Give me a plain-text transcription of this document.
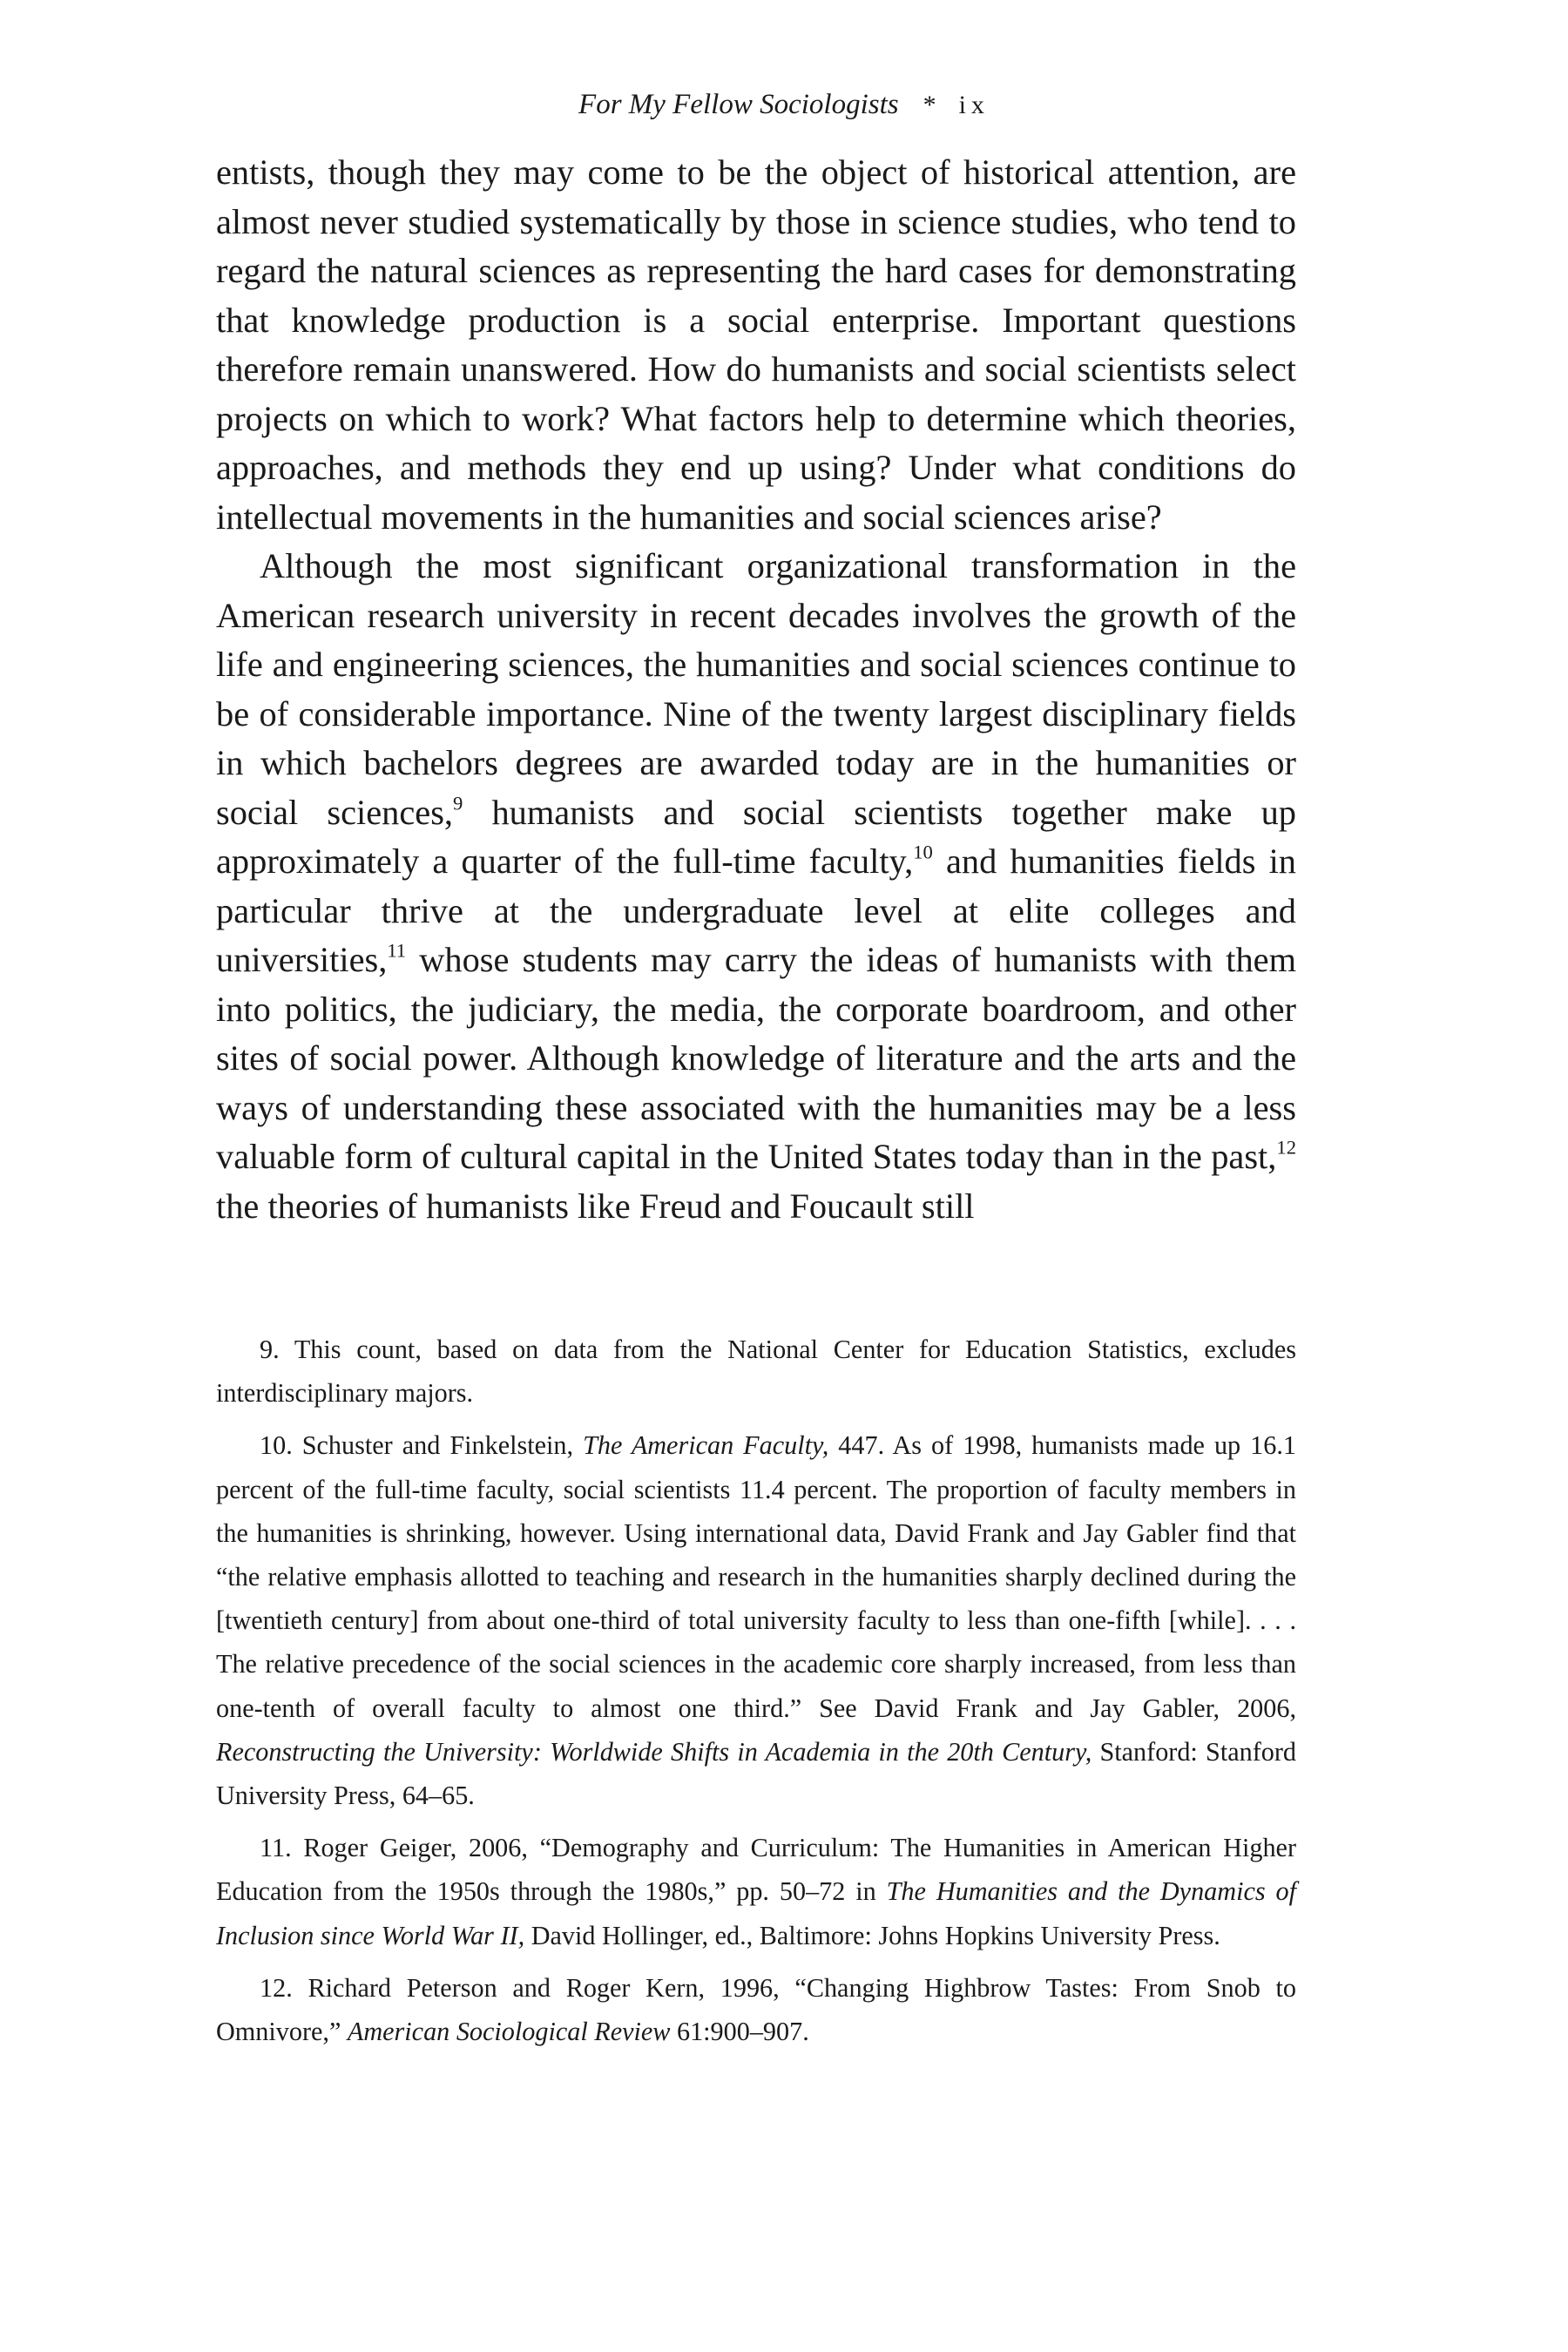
For My Fellow Sociologists * ix

entists, though they may come to be the object of historical attention, are almost never studied systematically by those in science studies, who tend to regard the natural sciences as representing the hard cases for demonstrating that knowledge production is a social enterprise. Important questions therefore remain unanswered. How do humanists and social scientists select projects on which to work? What factors help to determine which theories, approaches, and methods they end up using? Under what conditions do intellectual movements in the humanities and social sciences arise?

Although the most significant organizational transformation in the American research university in recent decades involves the growth of the life and engineering sciences, the humanities and social sciences continue to be of considerable importance. Nine of the twenty largest disciplinary fields in which bachelors degrees are awarded today are in the humanities or social sciences,$^9$ humanists and social scientists together make up approximately a quarter of the full-time faculty,$^{10}$ and humanities fields in particular thrive at the undergraduate level at elite colleges and universities,$^{11}$ whose students may carry the ideas of humanists with them into politics, the judiciary, the media, the corporate boardroom, and other sites of social power. Although knowledge of literature and the arts and the ways of understanding these associated with the humanities may be a less valuable form of cultural capital in the United States today than in the past,$^{12}$ the theories of humanists like Freud and Foucault still

9. This count, based on data from the National Center for Education Statistics, excludes interdisciplinary majors.

10. Schuster and Finkelstein, The American Faculty, 447. As of 1998, humanists made up 16.1 percent of the full-time faculty, social scientists 11.4 percent. The proportion of faculty members in the humanities is shrinking, however. Using international data, David Frank and Jay Gabler find that “the relative emphasis allotted to teaching and research in the humanities sharply declined during the [twentieth century] from about one-third of total university faculty to less than one-fifth [while]. . . . The relative precedence of the social sciences in the academic core sharply increased, from less than one-tenth of overall faculty to almost one third.” See David Frank and Jay Gabler, 2006, Reconstructing the University: Worldwide Shifts in Academia in the 20th Century, Stanford: Stanford University Press, 64–65.

11. Roger Geiger, 2006, “Demography and Curriculum: The Humanities in American Higher Education from the 1950s through the 1980s,” pp. 50–72 in The Humanities and the Dynamics of Inclusion since World War II, David Hollinger, ed., Baltimore: Johns Hopkins University Press.

12. Richard Peterson and Roger Kern, 1996, “Changing Highbrow Tastes: From Snob to Omnivore,” American Sociological Review 61:900–907.
